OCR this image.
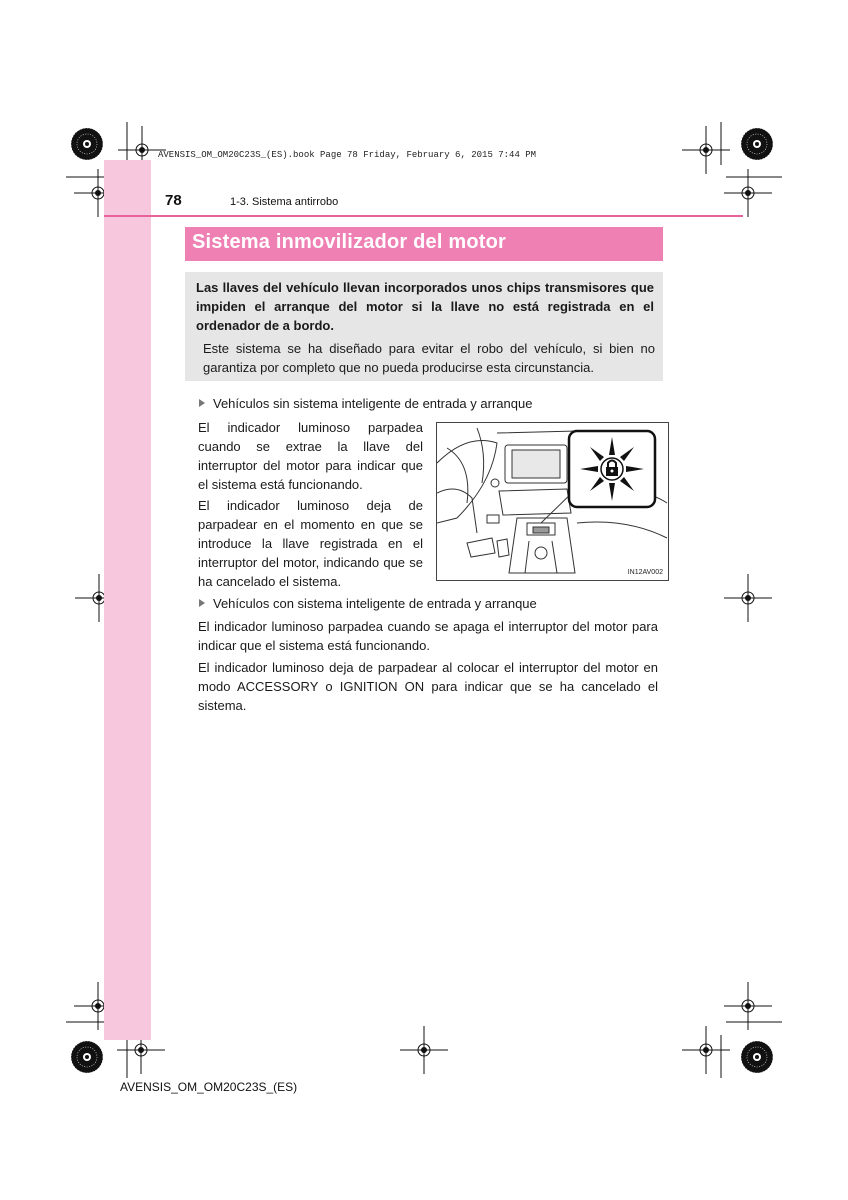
AVENSIS_OM_OM20C23S_(ES).book Page 78 Friday, February 6, 2015 7:44 PM
78	1-3. Sistema antirrobo
Sistema inmovilizador del motor
Las llaves del vehículo llevan incorporados unos chips transmisores que impiden el arranque del motor si la llave no está registrada en el ordenador de a bordo.
Este sistema se ha diseñado para evitar el robo del vehículo, si bien no garantiza por completo que no pueda producirse esta circunstancia.
Vehículos sin sistema inteligente de entrada y arranque
El indicador luminoso parpadea cuando se extrae la llave del interruptor del motor para indicar que el sistema está funcionando.
El indicador luminoso deja de parpadear en el momento en que se introduce la llave registrada en el interruptor del motor, indicando que se ha cancelado el sistema.
IN12AV002
Vehículos con sistema inteligente de entrada y arranque
El indicador luminoso parpadea cuando se apaga el interruptor del motor para indicar que el sistema está funcionando.
El indicador luminoso deja de parpadear al colocar el interruptor del motor en modo ACCESSORY o IGNITION ON para indicar que se ha cancelado el sistema.
AVENSIS_OM_OM20C23S_(ES)
